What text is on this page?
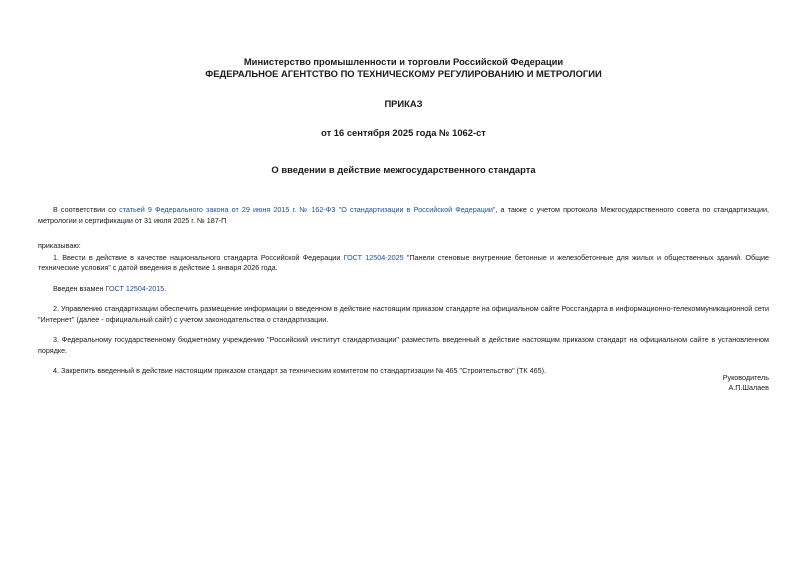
Министерство промышленности и торговли Российской Федерации
ФЕДЕРАЛЬНОЕ АГЕНТСТВО ПО ТЕХНИЧЕСКОМУ РЕГУЛИРОВАНИЮ И МЕТРОЛОГИИ
ПРИКАЗ
от 16 сентября 2025 года № 1062-ст
О введении в действие межгосударственного стандарта

В соответствии со статьей 9 Федерального закона от 29 июня 2015 г. № 162-ФЗ "О стандартизации в Российской Федерации", а также с учетом протокола Межгосударственного совета по стандартизации, метрологии и сертификации от 31 июля 2025 г. № 187-П

приказываю:

1. Ввести в действие в качестве национального стандарта Российской Федерации ГОСТ 12504-2025 "Панели стеновые внутренние бетонные и железобетонные для жилых и общественных зданий. Общие технические условия" с датой введения в действие 1 января 2026 года.

Введен взамен ГОСТ 12504-2015.

2. Управлению стандартизации обеспечить размещение информации о введенном в действие настоящим приказом стандарте на официальном сайте Росстандарта в информационно-телекоммуникационной сети "Интернет" (далее - официальный сайт) с учетом законодательства о стандартизации.

3. Федеральному государственному бюджетному учреждению "Российский институт стандартизации" разместить введенный в действие настоящим приказом стандарт на официальном сайте в установленном порядке.

4. Закрепить введенный в действие настоящим приказом стандарт за техническим комитетом по стандартизации № 465 "Строительство" (ТК 465).

Руководитель
А.П.Шалаев
